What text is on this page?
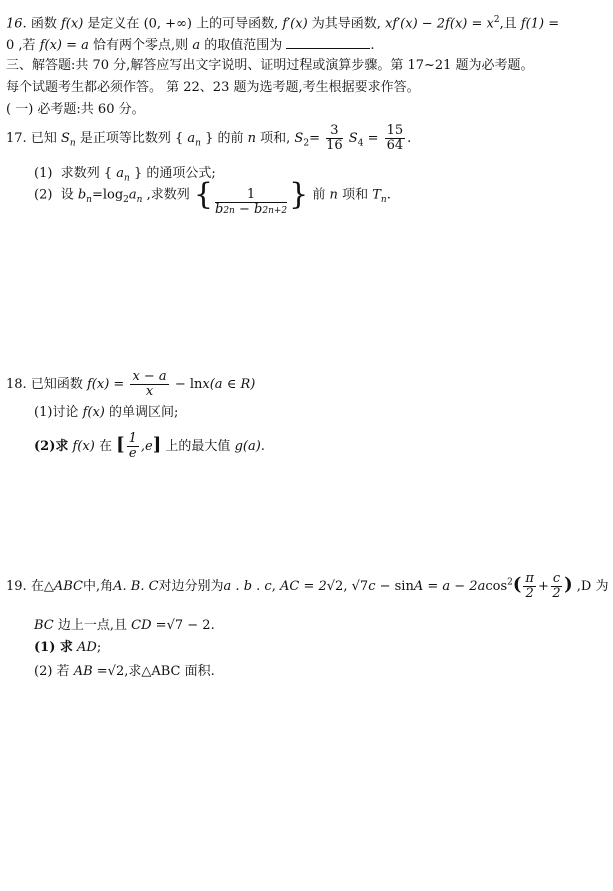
16. 函数 f(x) 是定义在 (0, +∞) 上的可导函数, f′(x) 为其导函数, $xf'(x) - 2f(x) = x^2$,且 f(1) =
0 ,若 f(x) = a 恰有两个零点,则 a 的取值范围为	.
三、解答题:共 70 分,解答应写出文字说明、证明过程或演算步骤。第 17~21 题为必考题。
每个试题考生都必须作答。 第 22、23 题为选考题,考生根据要求作答。
( 一) 必考题:共 60 分。
17. 已知 $S_n$ 是正项等比数列 { $a_n$ } 的前 n 项和, $S_2= \frac{3}{16} S_4 = \frac{15}{64}$ .
(1) 求数列 { $a_n$ } 的通项公式;
(2) 设 $b_n=\log_2a_n$ ,求数列 { $\frac{1}{b2n - b2n+2}$ } 前 n 项和 $T_n$.
18. 已知函数 $f(x) = \frac{x - a}{x} - \ln x(a$ ∈ R)
(1)讨论 f(x) 的单调区间;
(2)求 f(x) 在 [ $\frac{1}{e} ,e$] 上的最大值 g(a).
19. 在△ABC中,角A. B. C对边分别为a . b . c, AC = 2√2, $√7c - \sin A = a - 2acos^2( \frac{\pi}{2} + \frac{c}{2}$ ) ,D 为
BC 边上一点,且 CD =√7 − 2.
(1) 求 AD;
(2) 若 AB =√2,求△ABC 面积.
